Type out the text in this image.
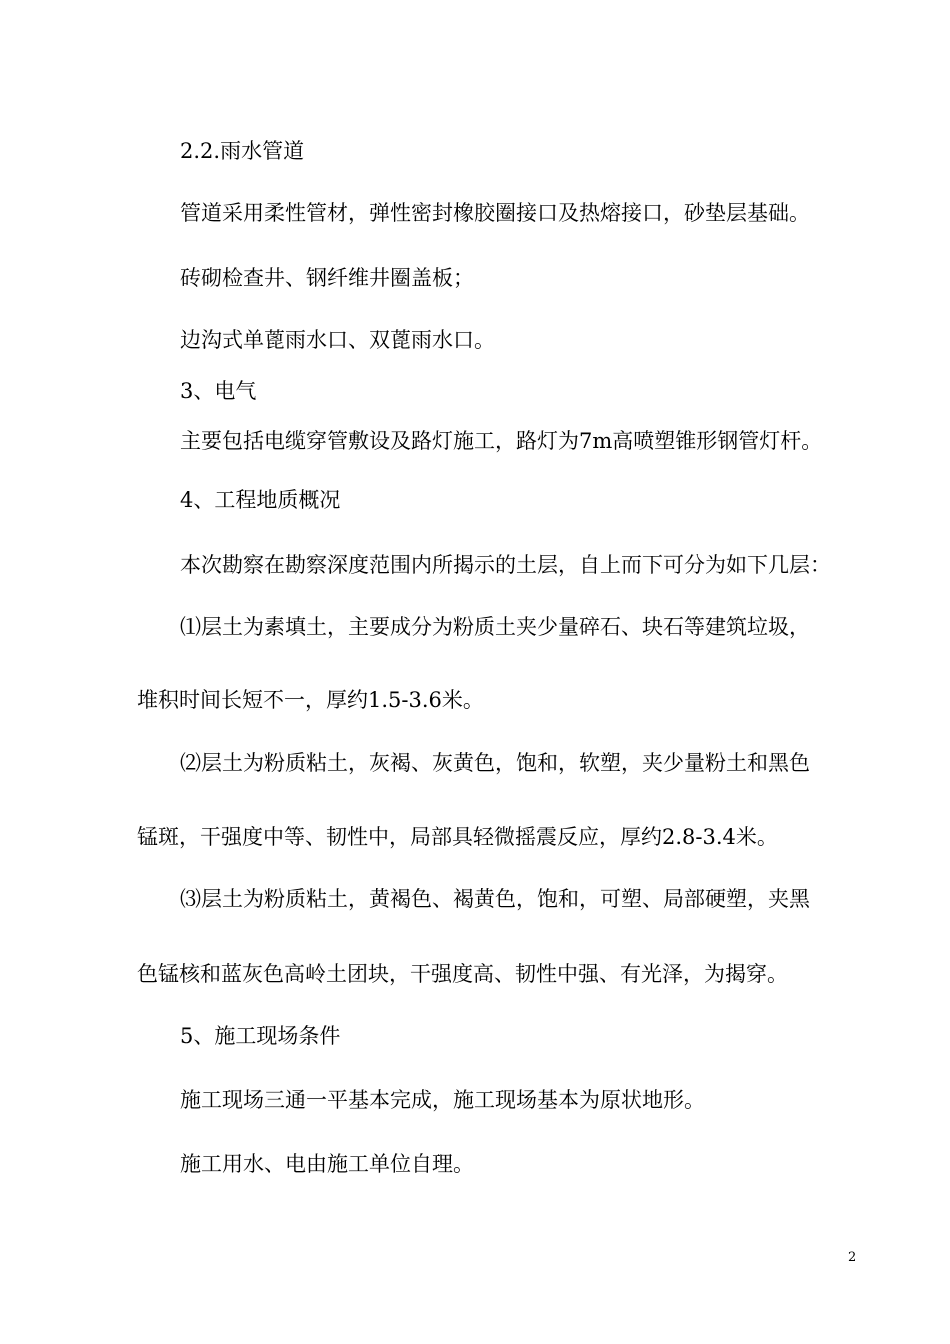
2.2.雨水管道
管道采用柔性管材，弹性密封橡胶圈接口及热熔接口，砂垫层基础。
砖砌检查井、钢纤维井圈盖板；
边沟式单蓖雨水口、双蓖雨水口。
3、电气
主要包括电缆穿管敷设及路灯施工，路灯为7m高喷塑锥形钢管灯杆。
4、工程地质概况
本次勘察在勘察深度范围内所揭示的土层，自上而下可分为如下几层：
⑴层土为素填土，主要成分为粉质土夹少量碎石、块石等建筑垃圾，
堆积时间长短不一，厚约1.5-3.6米。
⑵层土为粉质粘土，灰褐、灰黄色，饱和，软塑，夹少量粉土和黑色
锰斑，干强度中等、韧性中，局部具轻微摇震反应，厚约2.8-3.4米。
⑶层土为粉质粘土，黄褐色、褐黄色，饱和，可塑、局部硬塑，夹黑
色锰核和蓝灰色高岭土团块，干强度高、韧性中强、有光泽，为揭穿。
5、施工现场条件
施工现场三通一平基本完成，施工现场基本为原状地形。
施工用水、电由施工单位自理。
2
